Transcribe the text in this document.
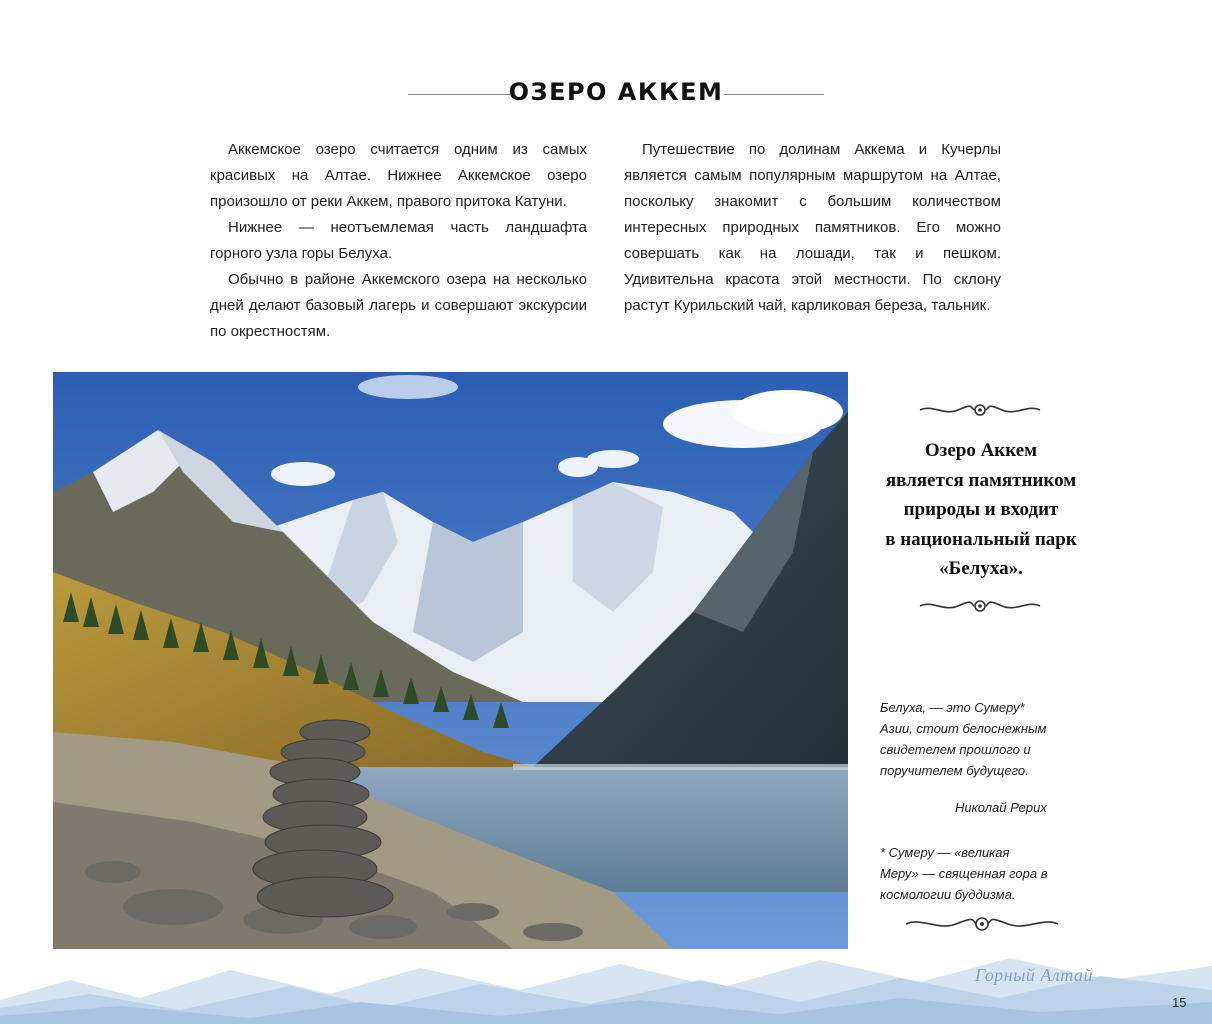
ОЗЕРО АККЕМ

Аккемское озеро считается одним из самых красивых на Алтае. Нижнее Аккемское озеро произошло от реки Аккем, правого притока Катуни.

Нижнее — неотъемлемая часть ландшафта горного узла горы Белуха.

Обычно в районе Аккемского озера на несколько дней делают базовый лагерь и совершают экскурсии по окрестностям.

Путешествие по долинам Аккема и Кучерлы является самым популярным маршрутом на Алтае, поскольку знакомит с большим количеством интересных природных памятников. Его можно совершать как на лошади, так и пешком. Удивительна красота этой местности. По склону растут Курильский чай, карликовая береза, тальник.

Озеро Аккем
является памятником
природы и входит
в национальный парк
«Белуха».
Белуха, — это Сумеру* Азии, стоит белоснежным свидетелем прошлого и поручителем будущего.
Николай Рерих
* Сумеру — «великая Меру» — священная гора в космологии буддизма.
Горный Алтай
15
